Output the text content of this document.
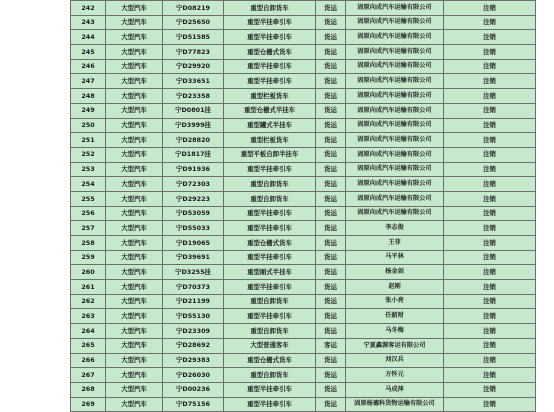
242	大型汽车	宁D08219	重型自卸货车	货运	固原向成汽车运输有限公司	注销
243	大型汽车	宁D25650	重型半挂牵引车	货运	固原向成汽车运输有限公司	注销
244	大型汽车	宁D51585	重型半挂牵引车	货运	固原向成汽车运输有限公司	注销
245	大型汽车	宁D77823	重型仓栅式货车	货运	固原向成汽车运输有限公司	注销
246	大型汽车	宁D29920	重型半挂牵引车	货运	固原向成汽车运输有限公司	注销
247	大型汽车	宁D33651	重型半挂牵引车	货运	固原向成汽车运输有限公司	注销
248	大型汽车	宁D23358	重型栏板货车	货运	固原向成汽车运输有限公司	注销
249	大型汽车	宁D0801挂	重型仓栅式半挂车	货运	固原向成汽车运输有限公司	注销
250	大型汽车	宁D3999挂	重型罐式半挂车	货运	固原向成汽车运输有限公司	注销
251	大型汽车	宁D28820	重型栏板货车	货运	固原向成汽车运输有限公司	注销
252	大型汽车	宁D1817挂	重型平板自卸半挂车	货运	固原向成汽车运输有限公司	注销
253	大型汽车	宁D91936	重型半挂牵引车	货运	固原向成汽车运输有限公司	注销
254	大型汽车	宁D72303	重型自卸货车	货运	固原向成汽车运输有限公司	注销
255	大型汽车	宁D29223	重型自卸货车	货运	固原向成汽车运输有限公司	注销
256	大型汽车	宁D53059	重型半挂牵引车	货运	固原向成汽车运输有限公司	注销
257	大型汽车	宁D55033	重型半挂牵引车	货运	李志俊	注销
258	大型汽车	宁D19065	重型仓栅式货车	货运	王菲	注销
259	大型汽车	宁D39691	重型半挂牵引车	货运	马平林	注销
260	大型汽车	宁D3255挂	重型厢式半挂车	货运	杨金剑	注销
261	大型汽车	宁D70373	重型半挂牵引车	货运	赵刚	注销
262	大型汽车	宁D21199	重型自卸货车	货运	张小亮	注销
263	大型汽车	宁D55130	重型半挂牵引车	货运	任韶财	注销
264	大型汽车	宁D23309	重型自卸货车	货运	马冬梅	注销
265	大型汽车	宁D28692	大型普通客车	客运	宁夏鑫源客运有限公司	注销
266	大型汽车	宁D29383	重型仓栅式货车	货运	刘汉兵	注销
267	大型汽车	宁D26030	重型自卸货车	货运	方怀元	注销
268	大型汽车	宁D00236	重型半挂牵引车	货运	马成萍	注销
269	大型汽车	宁D75156	重型半挂牵引车	货运	固原杨德科货物运输有限公司	注销
